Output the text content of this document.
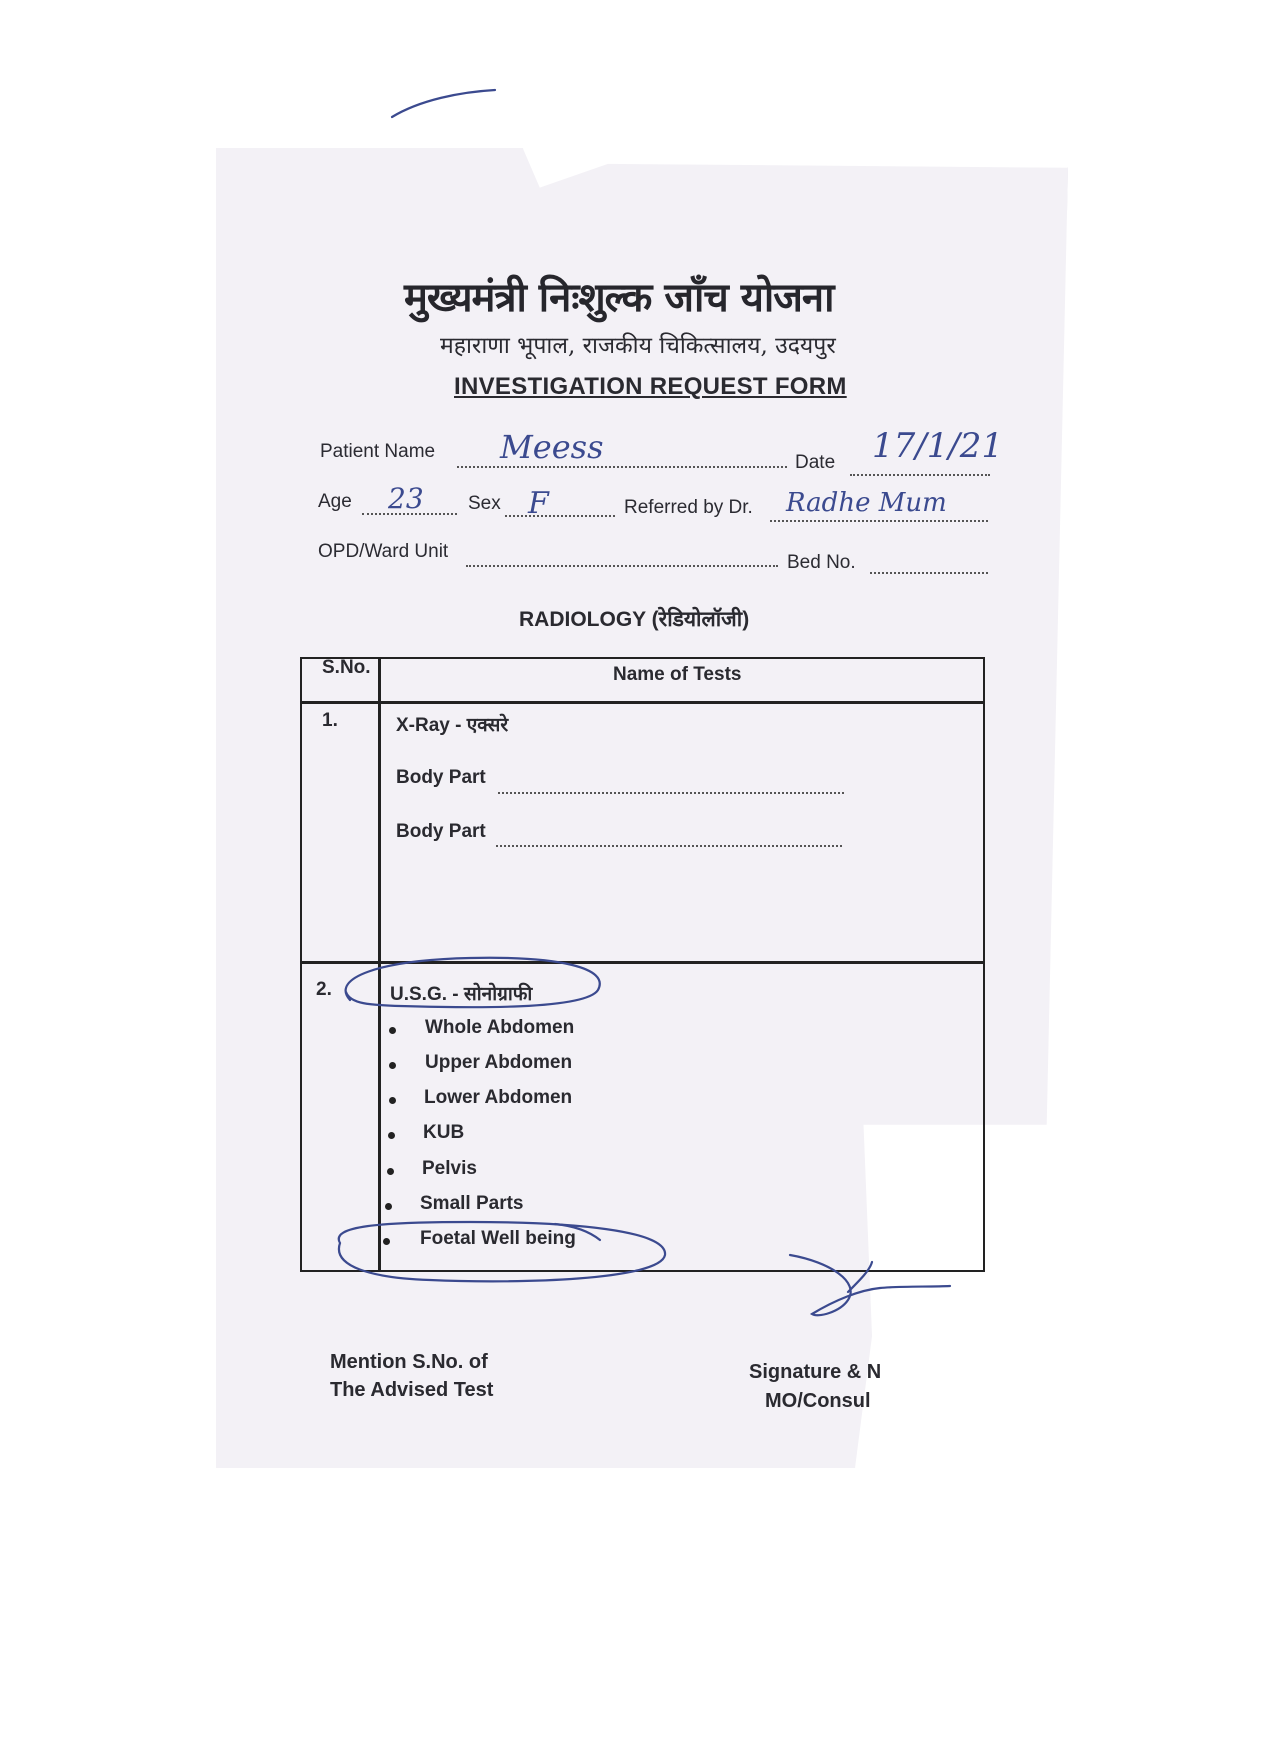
मुख्यमंत्री निःशुल्क जाँच योजना
महाराणा भूपाल, राजकीय चिकित्सालय, उदयपुर
INVESTIGATION REQUEST FORM
Patient Name Meess	Date 17/1/21
Age 23 Sex F	Referred by Dr. Radhe Mum
OPD/Ward Unit
Bed No.
RADIOLOGY (रेडियोलॉजी)
S.No.	Name of Tests
1.	X-Ray - एक्सरे
Body Part
Body Part
2.	U.S.G. - सोनोग्राफी
Whole Abdomen
Upper Abdomen
Lower Abdomen
KUB
Pelvis
Small Parts
Foetal Well being
Mention S.No. of
The Advised Test
Signature & N
MO/Consul
